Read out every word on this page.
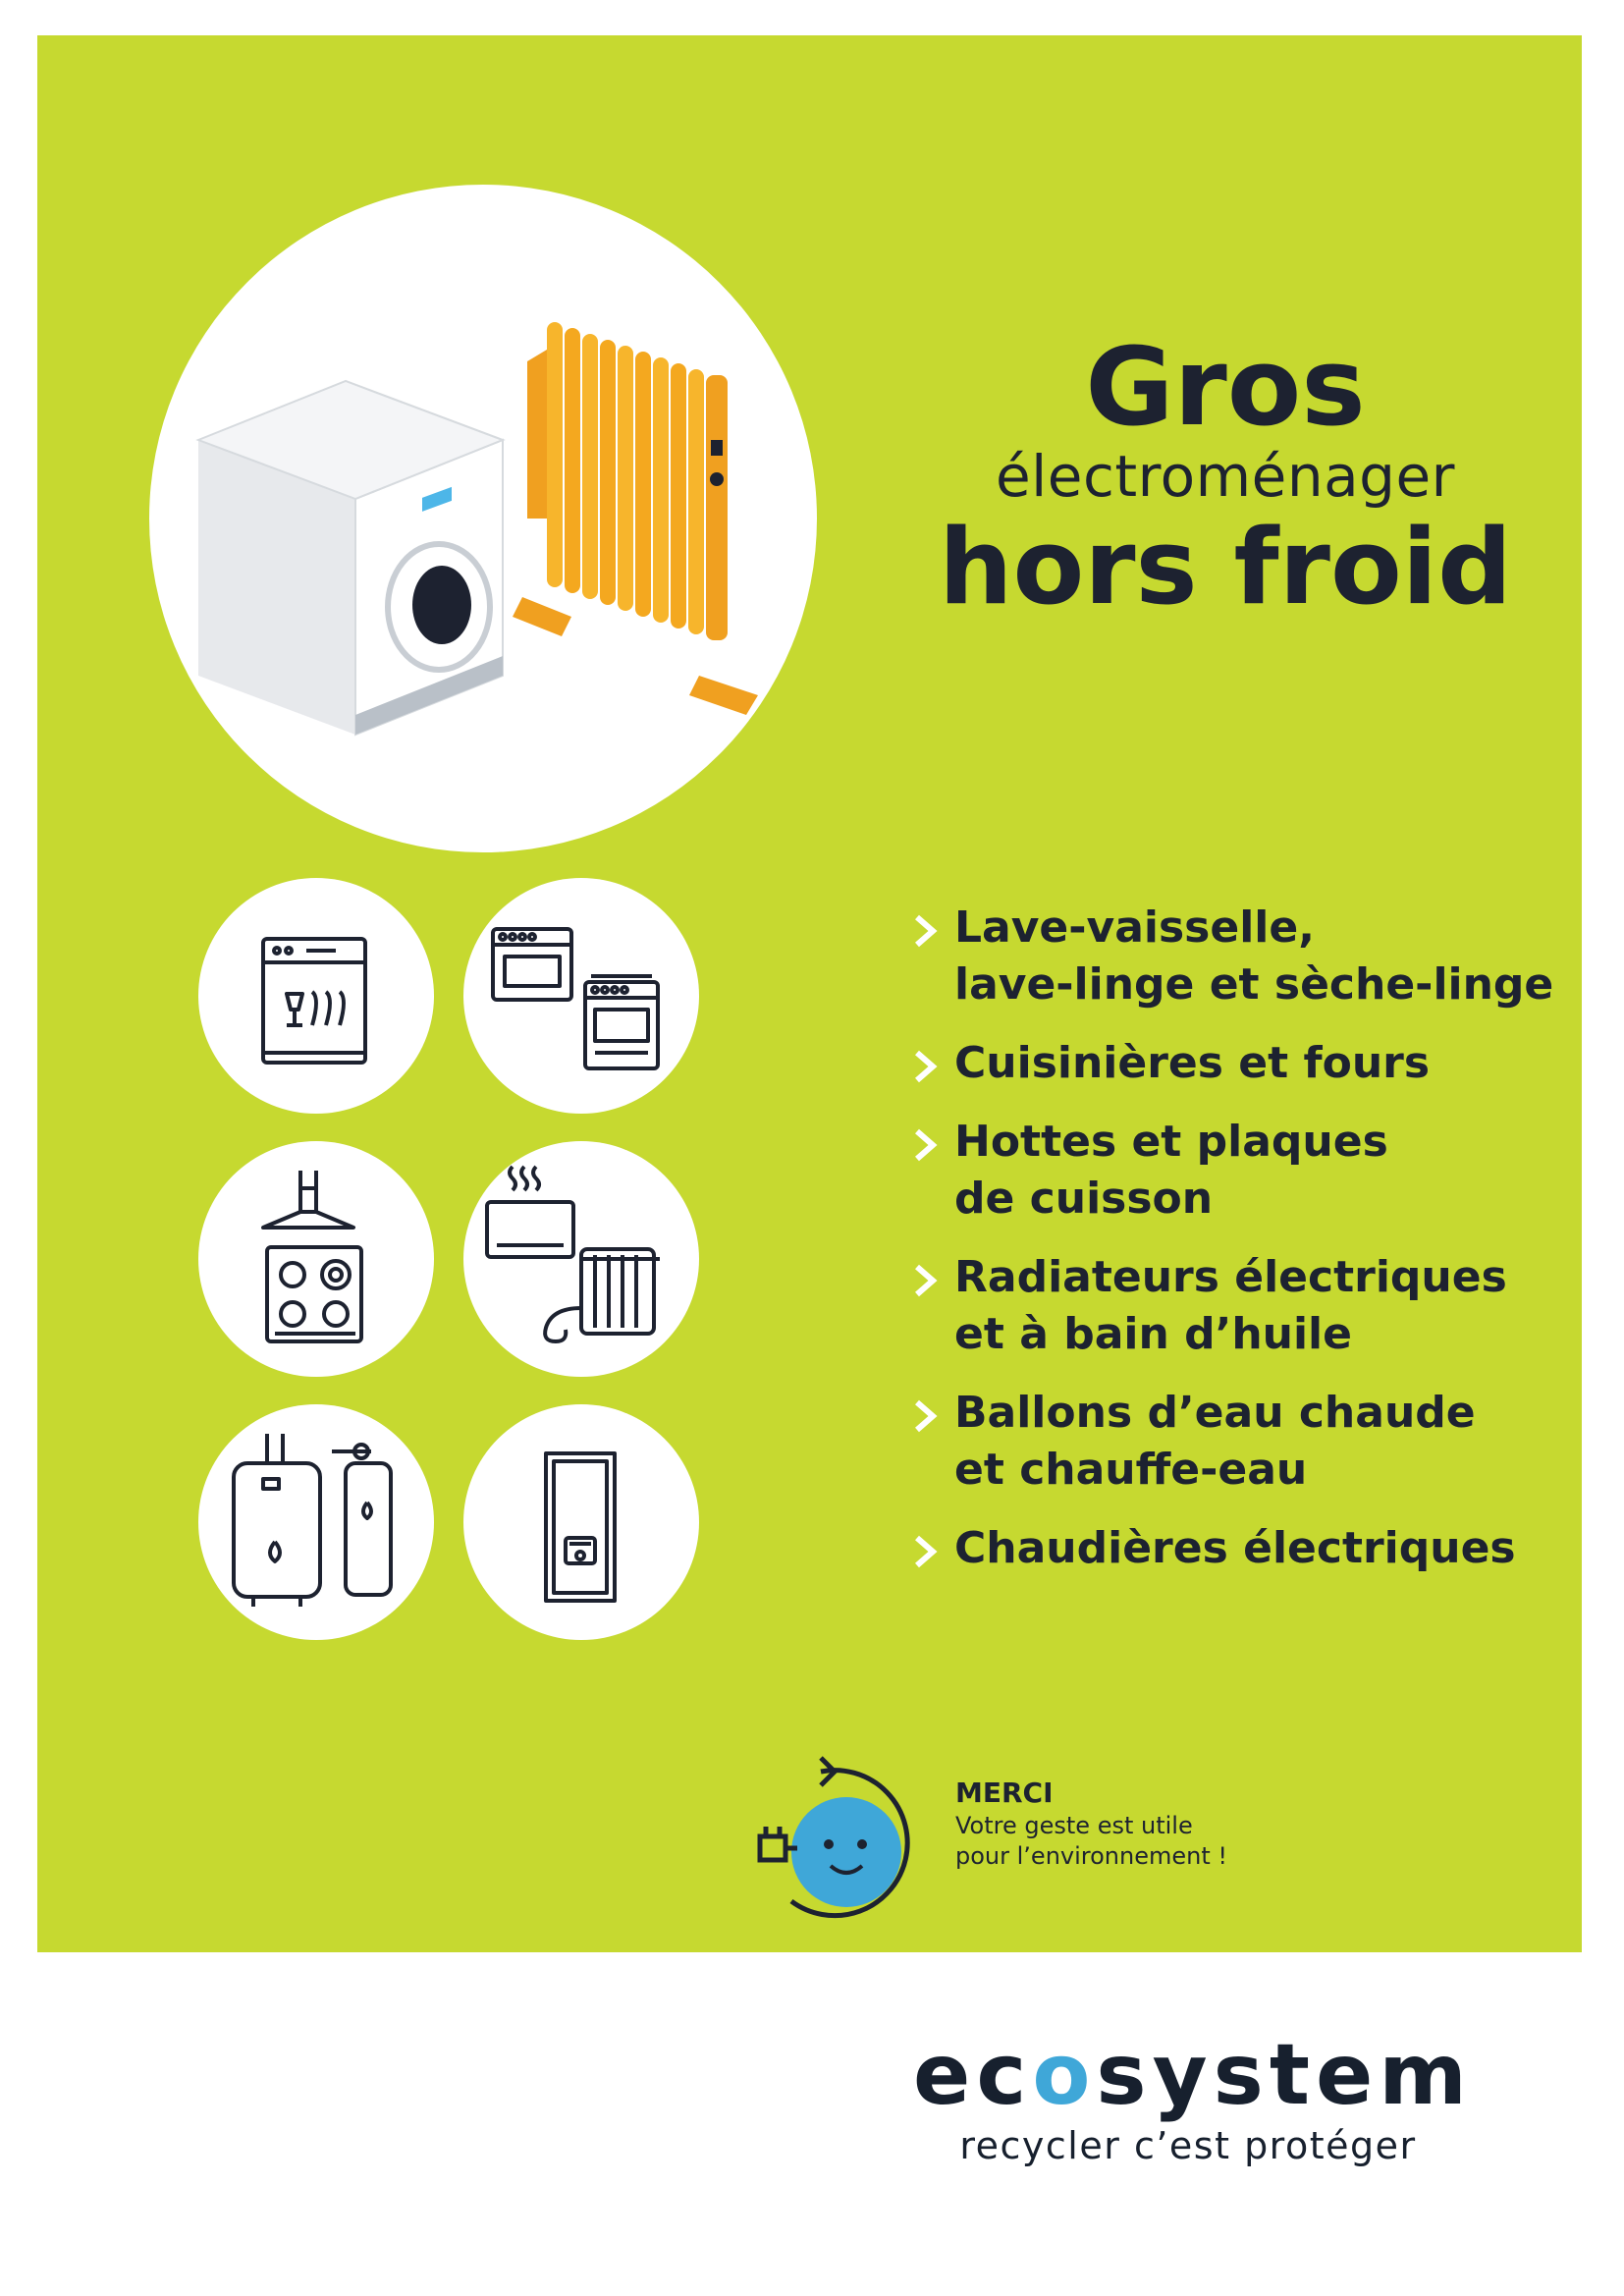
Gros
électroménager
hors froid
Lave-vaisselle,
lave-linge et sèche-linge
Cuisinières et fours
Hottes et plaques
de cuisson
Radiateurs électriques
et à bain d’huile
Ballons d’eau chaude
et chauffe-eau
Chaudières électriques
MERCI
Votre geste est utile
pour l’environnement !
ecosystem
recycler c’est protéger
